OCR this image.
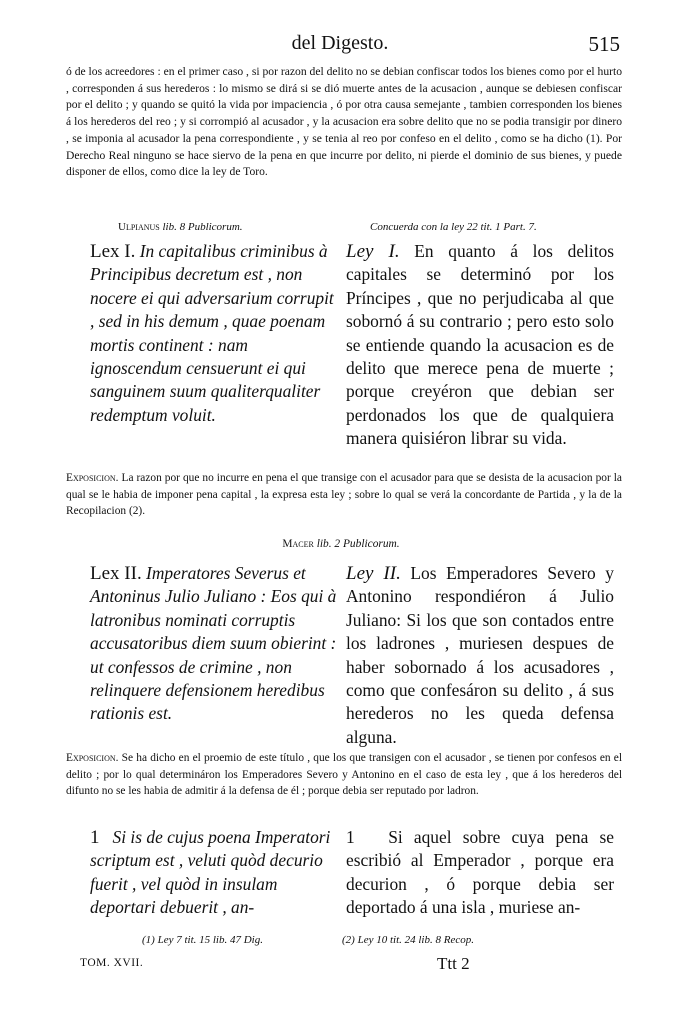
del Digesto.	515

ó de los acreedores : en el primer caso , si por razon del delito no se debian confiscar todos los bienes como por el hurto , corresponden á sus herederos : lo mismo se dirá si se dió muerte antes de la acusacion , aunque se debiesen confiscar por el delito ; y quando se quitó la vida por impaciencia , ó por otra causa semejante , tambien corresponden los bienes á los herederos del reo ; y si corrompió al acusador , y la acusacion era sobre delito que no se podia transigir por dinero , se imponia al acusador la pena correspondiente , y se tenia al reo por confeso en el delito , como se ha dicho (1). Por Derecho Real ninguno se hace siervo de la pena en que incurre por delito, ni pierde el dominio de sus bienes, y puede disponer de ellos, como dice la ley de Toro.

Ulpianus lib. 8 Publicorum.	Concuerda con la ley 22 tit. 1 Part. 7.

Lex I. In capitalibus criminibus à Principibus decretum est , non nocere ei qui adversarium corrupit , sed in his demum , quae poenam mortis continent : nam ignoscendum censuerunt ei qui sanguinem suum qualiterqualiter redemptum voluit.

Ley I. En quanto á los delitos capitales se determinó por los Príncipes , que no perjudicaba al que sobornó á su contrario ; pero esto solo se entiende quando la acusacion es de delito que merece pena de muerte ; porque creyéron que debian ser perdonados los que de qualquiera manera quisiéron librar su vida.

Exposicion. La razon por que no incurre en pena el que transige con el acusador para que se desista de la acusacion por la qual se le habia de imponer pena capital , la expresa esta ley ; sobre lo qual se verá la concordante de Partida , y la de la Recopilacion (2).

Macer lib. 2 Publicorum.

Lex II. Imperatores Severus et Antoninus Julio Juliano : Eos qui à latronibus nominati corruptis accusatoribus diem suum obierint : ut confessos de crimine , non relinquere defensionem heredibus rationis est.

Ley II. Los Emperadores Severo y Antonino respondiéron á Julio Juliano: Si los que son contados entre los ladrones , muriesen despues de haber sobornado á los acusadores , como que confesáron su delito , á sus herederos no les queda defensa alguna.

Exposicion. Se ha dicho en el proemio de este título , que los que transigen con el acusador , se tienen por confesos en el delito ; por lo qual determináron los Emperadores Severo y Antonino en el caso de esta ley , que á los herederos del difunto no se les habia de admitir á la defensa de él ; porque debia ser reputado por ladron.

1 Si is de cujus poena Imperatori scriptum est , veluti quòd decurio fuerit , vel quòd in insulam deportari debuerit , an-

1 Si aquel sobre cuya pena se escribió al Emperador , porque era decurion , ó porque debia ser deportado á una isla , muriese an-

(1) Ley 7 tit. 15 lib. 47 Dig.	(2) Ley 10 tit. 24 lib. 8 Recop.
TOM. XVII.	Ttt 2
